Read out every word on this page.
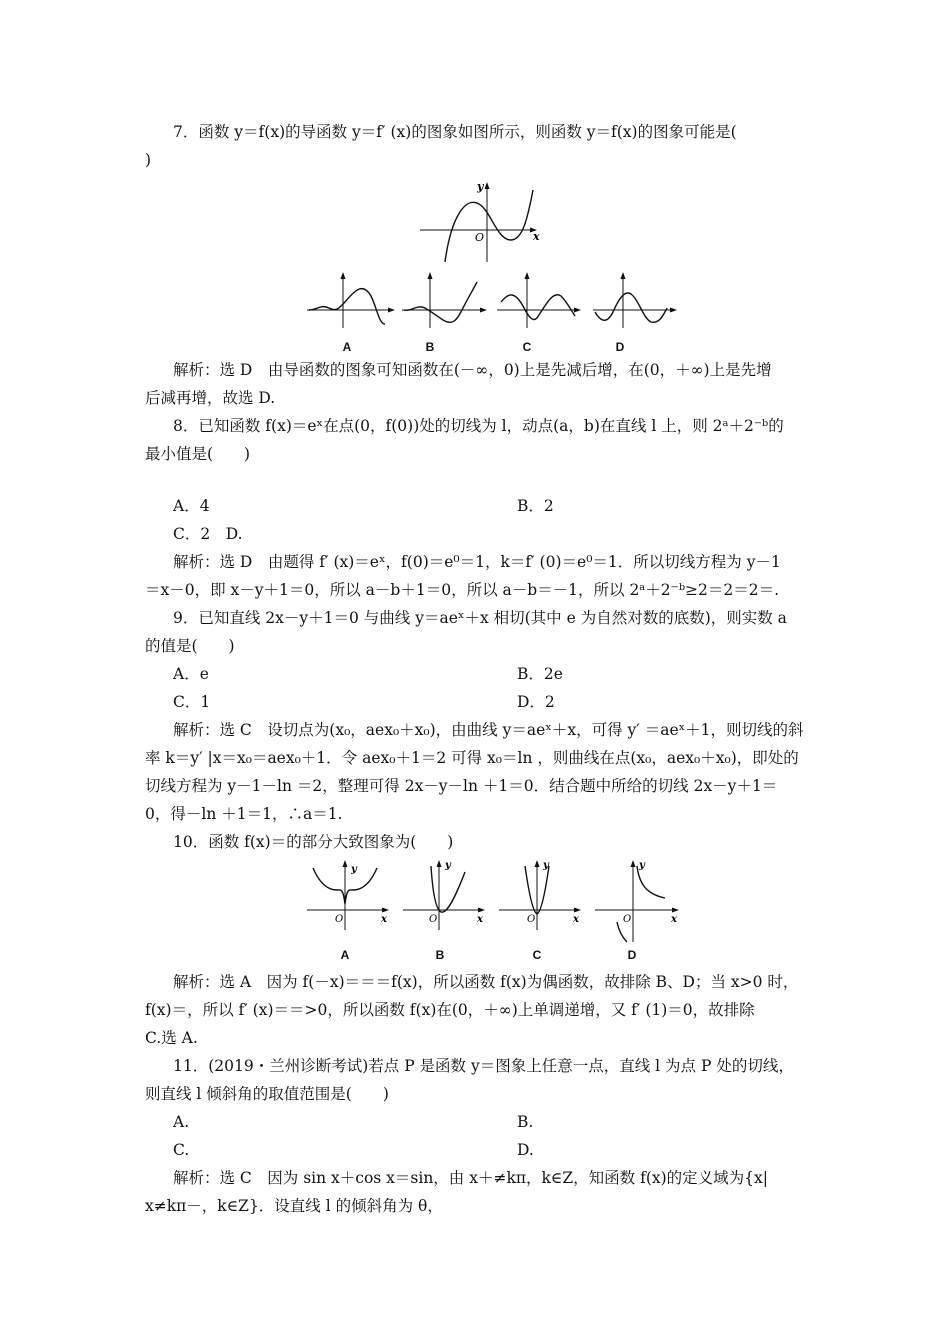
7．函数 y＝f(x)的导函数 y＝f′ (x)的图象如图所示，则函数 y＝f(x)的图象可能是(
)
y
x
O
A	B	C	D
解析：选 D　由导函数的图象可知函数在(－∞，0)上是先减后增，在(0，＋∞)上是先增
后减再增，故选 D.
8．已知函数 f(x)＝eˣ在点(0，f(0))处的切线为 l，动点(a，b)在直线 l 上，则 2ᵃ＋2⁻ᵇ的
最小值是(　　)
A．4	B．2
C．2　D.
解析：选 D　由题得 f′ (x)＝eˣ，f(0)＝e⁰＝1，k＝f′ (0)＝e⁰＝1．所以切线方程为 y－1
＝x－0，即 x－y＋1＝0，所以 a－b＋1＝0，所以 a－b＝－1，所以 2ᵃ＋2⁻ᵇ≥2＝2＝2＝.
9．已知直线 2x－y＋1＝0 与曲线 y＝aeˣ＋x 相切(其中 e 为自然对数的底数)，则实数 a
的值是(　　)
A．e	B．2e
C．1	D．2
解析：选 C　设切点为(x₀，aex₀＋x₀)，由曲线 y＝aeˣ＋x，可得 y′ ＝aeˣ＋1，则切线的斜
率 k＝y′ |x＝x₀＝aex₀＋1．令 aex₀＋1＝2 可得 x₀＝ln ，则曲线在点(x₀，aex₀＋x₀)，即处的
切线方程为 y－1－ln ＝2，整理可得 2x－y－ln ＋1＝0．结合题中所给的切线 2x－y＋1＝
0，得－ln ＋1＝1，∴a＝1.
10．函数 f(x)＝的部分大致图象为(　　)
y
x
O
y
x
O
y
x
O
y
x
O
A	B	C	D
解析：选 A　因为 f(－x)＝＝＝f(x)，所以函数 f(x)为偶函数，故排除 B、D；当 x>0 时，
f(x)＝，所以 f′ (x)＝＝>0，所以函数 f(x)在(0，＋∞)上单调递增，又 f′ (1)＝0，故排除
C.选 A.
11．(2019・兰州诊断考试)若点 P 是函数 y＝图象上任意一点，直线 l 为点 P 处的切线，
则直线 l 倾斜角的取值范围是(　　)
A.	B.
C.	D.
解析：选 C　因为 sin x＋cos x＝sin，由 x＋≠kπ，k∈Z，知函数 f(x)的定义域为{x|
x≠kπ－，k∈Z}．设直线 l 的倾斜角为 θ，
